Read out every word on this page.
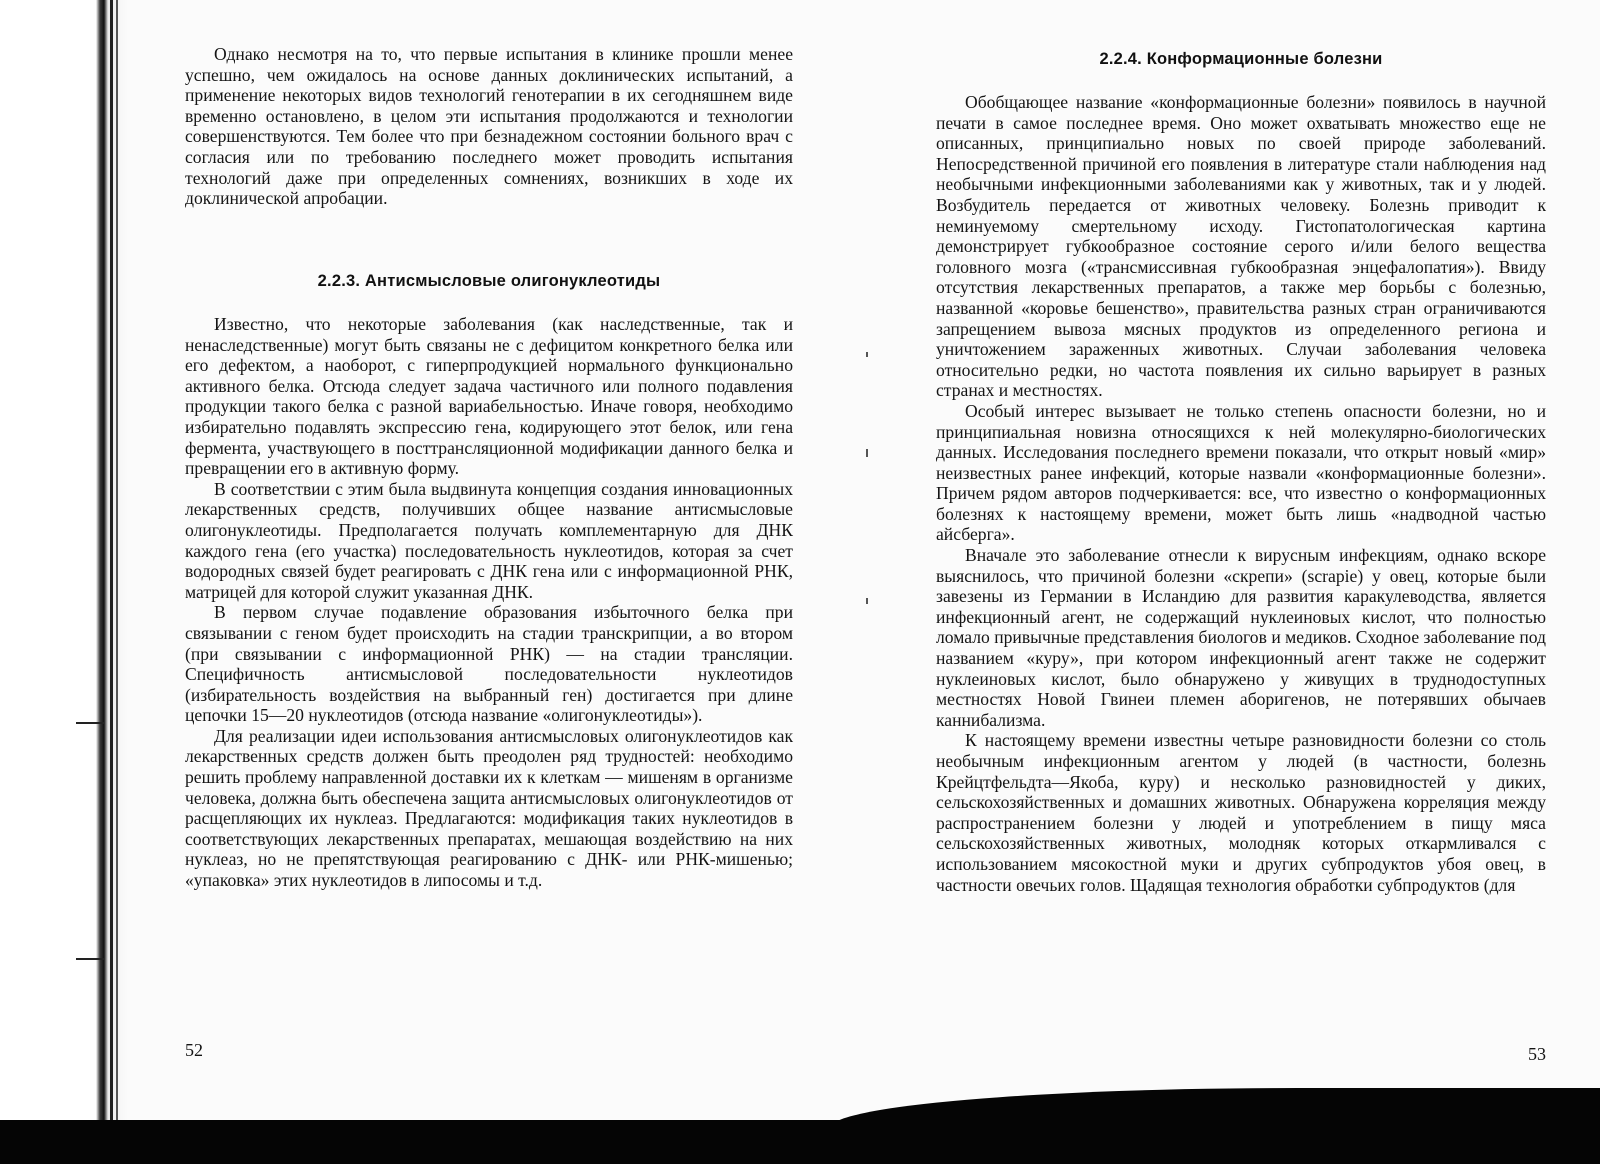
Однако несмотря на то, что первые испытания в клинике прошли менее успешно, чем ожидалось на основе данных доклинических испытаний, а применение некоторых видов технологий генотерапии в их сегодняшнем виде временно остановлено, в целом эти испытания продолжаются и технологии совершенствуются. Тем более что при безнадежном состоянии больного врач с согласия или по требованию последнего может проводить испытания технологий даже при определенных сомнениях, возникших в ходе их доклинической апробации.

2.2.3. Антисмысловые олигонуклеотиды

Известно, что некоторые заболевания (как наследственные, так и ненаследственные) могут быть связаны не с дефицитом конкретного белка или его дефектом, а наоборот, с гиперпродукцией нормального функционально активного белка. Отсюда следует задача частичного или полного подавления продукции такого белка с разной вариабельностью. Иначе говоря, необходимо избирательно подавлять экспрессию гена, кодирующего этот белок, или гена фермента, участвующего в посттрансляционной модификации данного белка и превращении его в активную форму.

В соответствии с этим была выдвинута концепция создания инновационных лекарственных средств, получивших общее название антисмысловые олигонуклеотиды. Предполагается получать комплементарную для ДНК каждого гена (его участка) последовательность нуклеотидов, которая за счет водородных связей будет реагировать с ДНК гена или с информационной РНК, матрицей для которой служит указанная ДНК.

В первом случае подавление образования избыточного белка при связывании с геном будет происходить на стадии транскрипции, а во втором (при связывании с информационной РНК) — на стадии трансляции. Специфичность антисмысловой последовательности нуклеотидов (избирательность воздействия на выбранный ген) достигается при длине цепочки 15—20 нуклеотидов (отсюда название «олигонуклеотиды»).

Для реализации идеи использования антисмысловых олигонуклеотидов как лекарственных средств должен быть преодолен ряд трудностей: необходимо решить проблему направленной доставки их к клеткам — мишеням в организме человека, должна быть обеспечена защита антисмысловых олигонуклеотидов от расщепляющих их нуклеаз. Предлагаются: модификация таких нуклеотидов в соответствующих лекарственных препаратах, мешающая воздействию на них нуклеаз, но не препятствующая реагированию с ДНК- или РНК-мишенью; «упаковка» этих нуклеотидов в липосомы и т.д.

52
2.2.4. Конформационные болезни

Обобщающее название «конформационные болезни» появилось в научной печати в самое последнее время. Оно может охватывать множество еще не описанных, принципиально новых по своей природе заболеваний. Непосредственной причиной его появления в литературе стали наблюдения над необычными инфекционными заболеваниями как у животных, так и у людей. Возбудитель передается от животных человеку. Болезнь приводит к неминуемому смертельному исходу. Гистопатологическая картина демонстрирует губкообразное состояние серого и/или белого вещества головного мозга («трансмиссивная губкообразная энцефалопатия»). Ввиду отсутствия лекарственных препаратов, а также мер борьбы с болезнью, названной «коровье бешенство», правительства разных стран ограничиваются запрещением вывоза мясных продуктов из определенного региона и уничтожением зараженных животных. Случаи заболевания человека относительно редки, но частота появления их сильно варьирует в разных странах и местностях.

Особый интерес вызывает не только степень опасности болезни, но и принципиальная новизна относящихся к ней молекулярно-биологических данных. Исследования последнего времени показали, что открыт новый «мир» неизвестных ранее инфекций, которые назвали «конформационные болезни». Причем рядом авторов подчеркивается: все, что известно о конформационных болезнях к настоящему времени, может быть лишь «надводной частью айсберга».

Вначале это заболевание отнесли к вирусным инфекциям, однако вскоре выяснилось, что причиной болезни «скрепи» (scrapie) у овец, которые были завезены из Германии в Исландию для развития каракулеводства, является инфекционный агент, не содержащий нуклеиновых кислот, что полностью ломало привычные представления биологов и медиков. Сходное заболевание под названием «куру», при котором инфекционный агент также не содержит нуклеиновых кислот, было обнаружено у живущих в труднодоступных местностях Новой Гвинеи племен аборигенов, не потерявших обычаев каннибализма.

К настоящему времени известны четыре разновидности болезни со столь необычным инфекционным агентом у людей (в частности, болезнь Крейцтфельдта—Якоба, куру) и несколько разновидностей у диких, сельскохозяйственных и домашних животных. Обнаружена корреляция между распространением болезни у людей и употреблением в пищу мяса сельскохозяйственных животных, молодняк которых откармливался с использованием мясокостной муки и других субпродуктов убоя овец, в частности овечьих голов. Щадящая технология обработки субпродуктов (для

53
